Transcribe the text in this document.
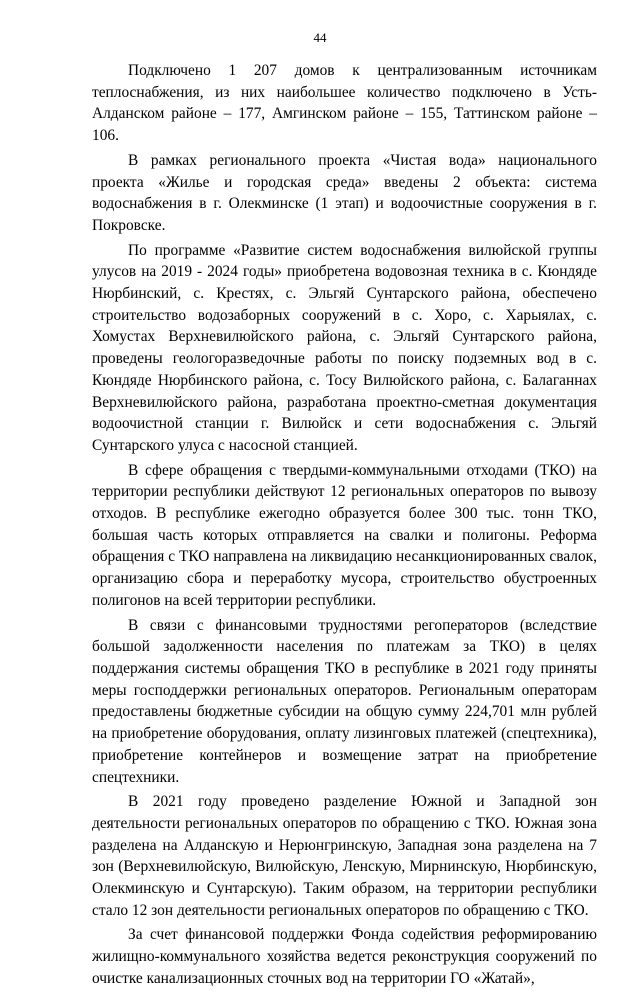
44

Подключено 1 207 домов к централизованным источникам теплоснабжения, из них наибольшее количество подключено в Усть-Алданском районе – 177, Амгинском районе – 155, Таттинском районе – 106.

В рамках регионального проекта «Чистая вода» национального проекта «Жилье и городская среда» введены 2 объекта: система водоснабжения в г. Олекминске (1 этап) и водоочистные сооружения в г. Покровске.

По программе «Развитие систем водоснабжения вилюйской группы улусов на 2019 - 2024 годы» приобретена водовозная техника в с. Кюндяде Нюрбинский, с. Крестях, с. Эльгяй Сунтарского района, обеспечено строительство водозаборных сооружений в с. Хоро, с. Харыялах, с. Хомустах Верхневилюйского района, с. Эльгяй Сунтарского района, проведены геологоразведочные работы по поиску подземных вод в с. Кюндяде Нюрбинского района, с. Тосу Вилюйского района, с. Балаганнах Верхневилюйского района, разработана проектно-сметная документация водоочистной станции г. Вилюйск и сети водоснабжения с. Эльгяй Сунтарского улуса с насосной станцией.

В сфере обращения с твердыми-коммунальными отходами (ТКО) на территории республики действуют 12 региональных операторов по вывозу отходов. В республике ежегодно образуется более 300 тыс. тонн ТКО, большая часть которых отправляется на свалки и полигоны. Реформа обращения с ТКО направлена на ликвидацию несанкционированных свалок, организацию сбора и переработку мусора, строительство обустроенных полигонов на всей территории республики.

В связи с финансовыми трудностями регоператоров (вследствие большой задолженности населения по платежам за ТКО) в целях поддержания системы обращения ТКО в республике в 2021 году приняты меры господдержки региональных операторов. Региональным операторам предоставлены бюджетные субсидии на общую сумму 224,701 млн рублей на приобретение оборудования, оплату лизинговых платежей (спецтехника), приобретение контейнеров и возмещение затрат на приобретение спецтехники.

В 2021 году проведено разделение Южной и Западной зон деятельности региональных операторов по обращению с ТКО. Южная зона разделена на Алданскую и Нерюнгринскую, Западная зона разделена на 7 зон (Верхневилюйскую, Вилюйскую, Ленскую, Мирнинскую, Нюрбинскую, Олекминскую и Сунтарскую). Таким образом, на территории республики стало 12 зон деятельности региональных операторов по обращению с ТКО.

За счет финансовой поддержки Фонда содействия реформированию жилищно-коммунального хозяйства ведется реконструкция сооружений по очистке канализационных сточных вод на территории ГО «Жатай»,
